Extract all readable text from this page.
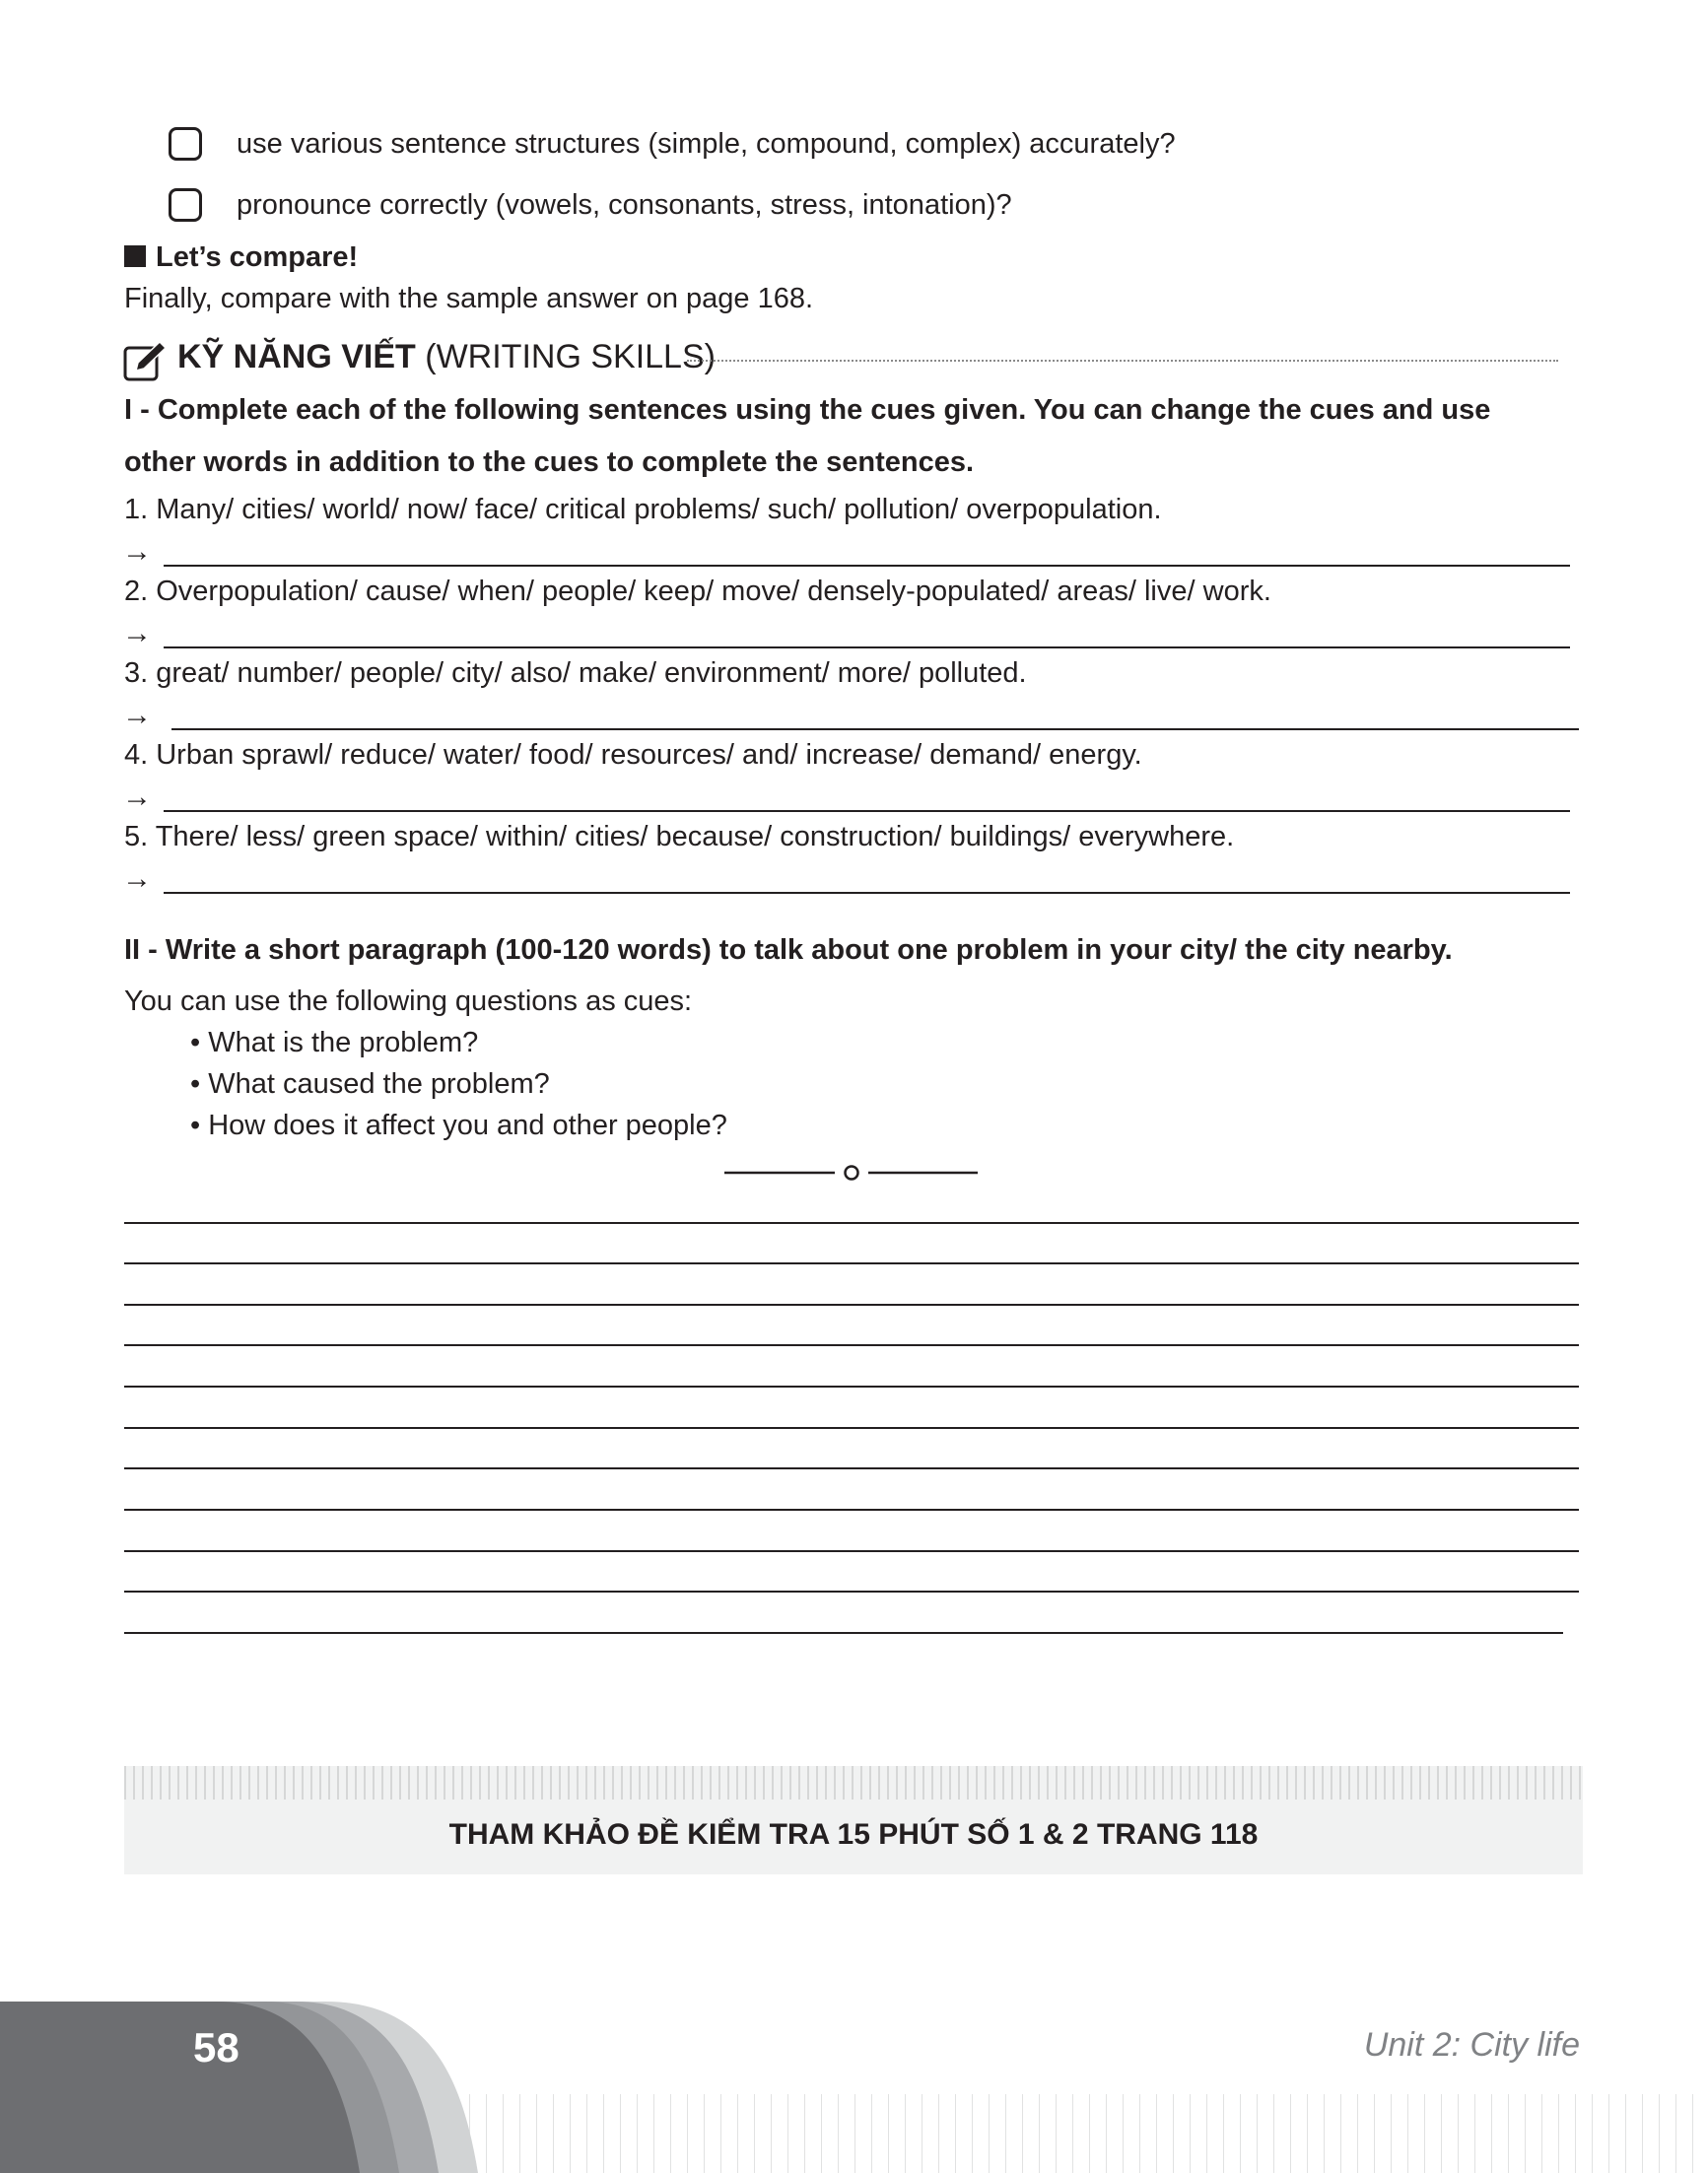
use various sentence structures (simple, compound, complex) accurately?
pronounce correctly (vowels, consonants, stress, intonation)?
Let’s compare!
Finally, compare with the sample answer on page 168.
KỸ NĂNG VIẾT (WRITING SKILLS)
I - Complete each of the following sentences using the cues given. You can change the cues and use
other words in addition to the cues to complete the sentences.
1. Many/ cities/ world/ now/ face/ critical problems/ such/ pollution/ overpopulation.
→
2. Overpopulation/ cause/ when/ people/ keep/ move/ densely-populated/ areas/ live/ work.
→
3. great/ number/ people/ city/ also/ make/ environment/ more/ polluted.
→
4. Urban sprawl/ reduce/ water/ food/ resources/ and/ increase/ demand/ energy.
→
5. There/ less/ green space/ within/ cities/ because/ construction/ buildings/ everywhere.
→
II - Write a short paragraph (100-120 words) to talk about one problem in your city/ the city nearby.
You can use the following questions as cues:
• What is the problem?
• What caused the problem?
• How does it affect you and other people?
THAM KHẢO ĐỀ KIỂM TRA 15 PHÚT SỐ 1 & 2 TRANG 118
58	Unit 2: City life
